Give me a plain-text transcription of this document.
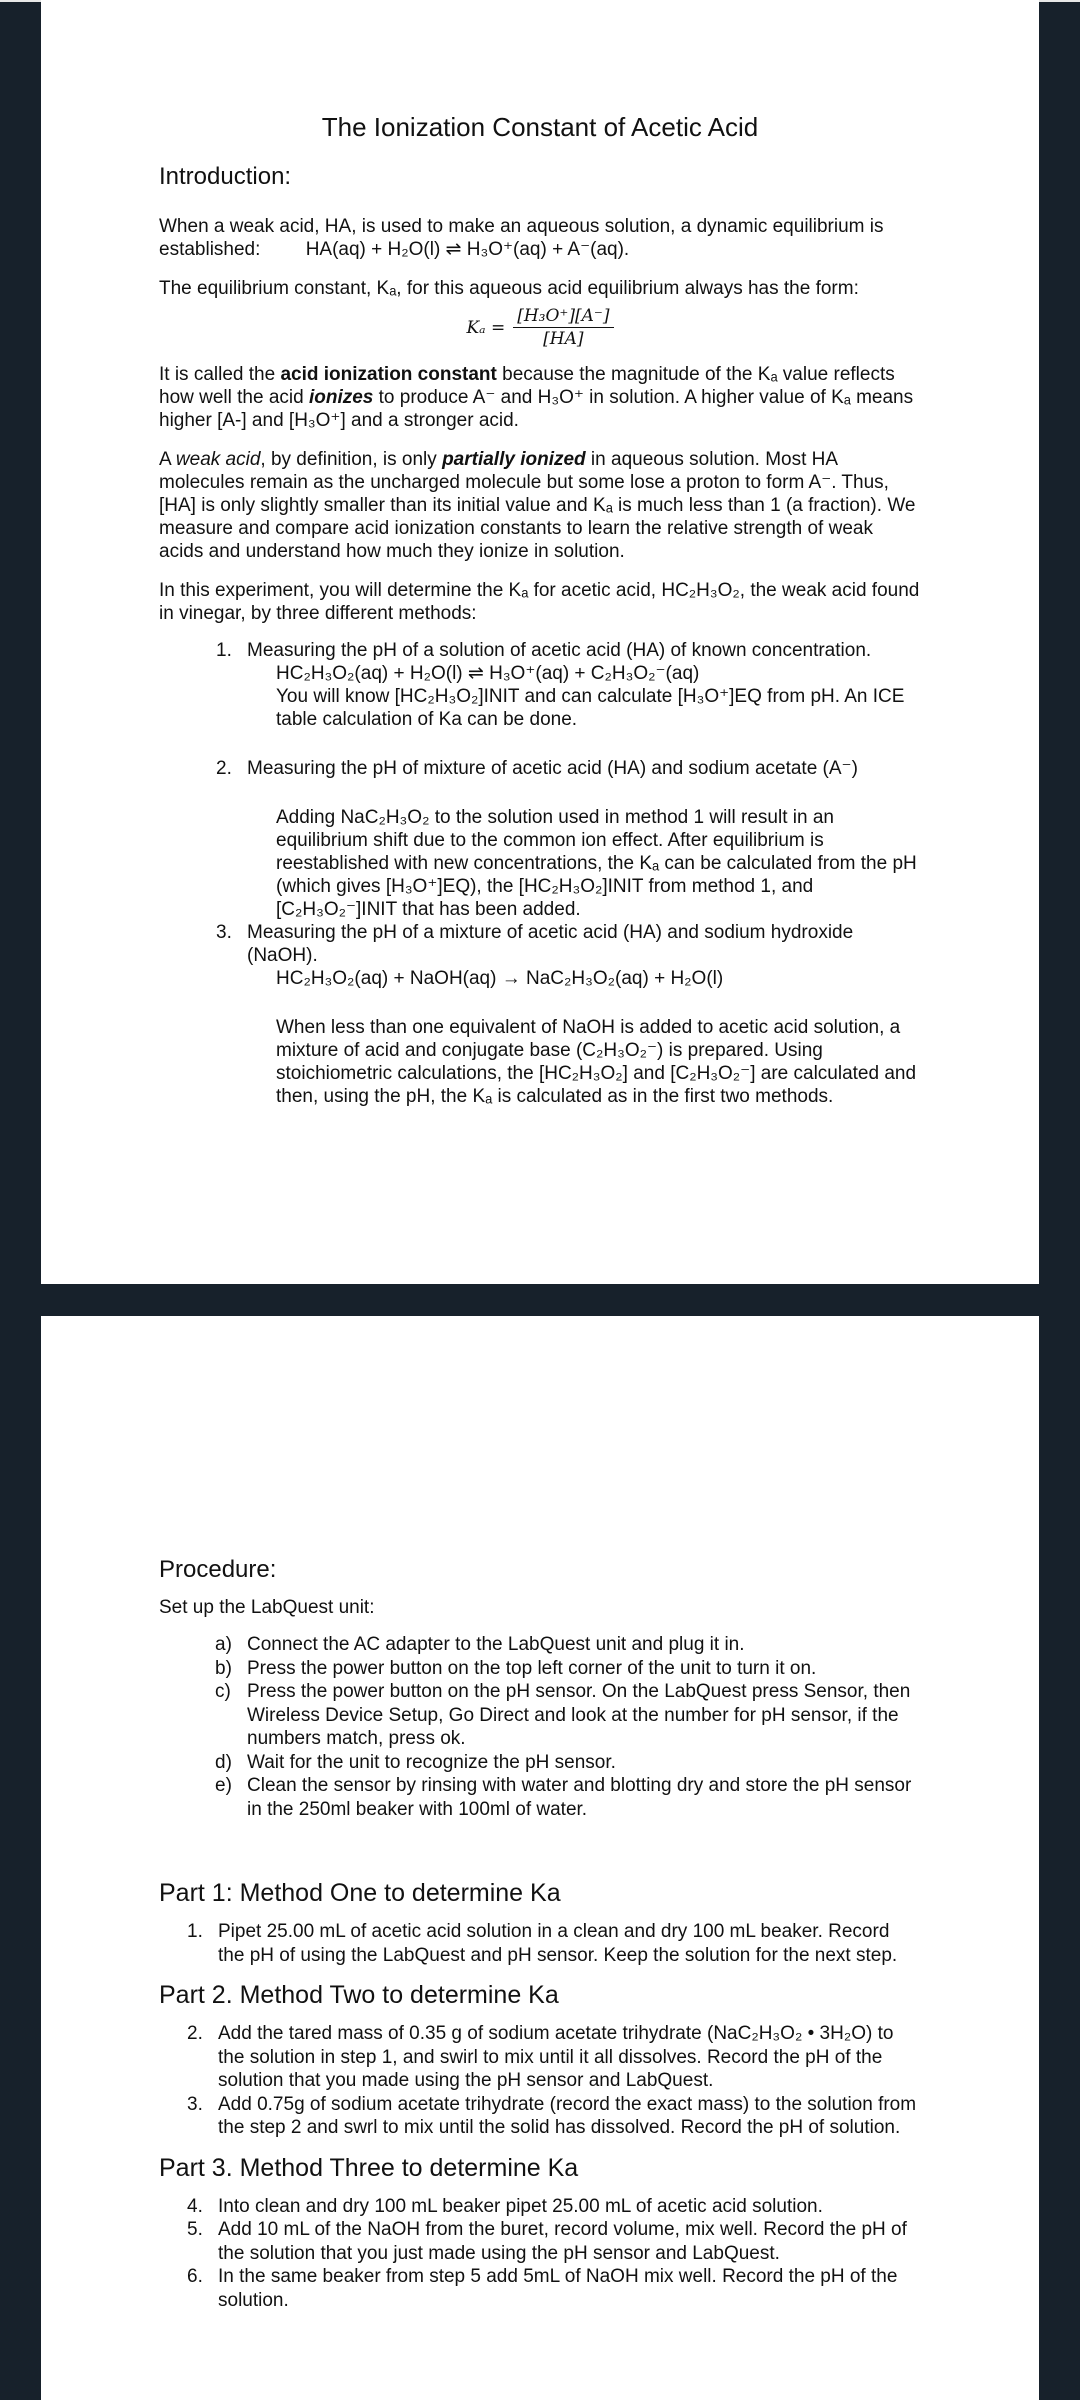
The Ionization Constant of Acetic Acid
Introduction:

When a weak acid, HA, is used to make an aqueous solution, a dynamic equilibrium is established: HA(aq) + H₂O(l) ⇌ H₃O⁺(aq) + A⁻(aq).

The equilibrium constant, Kₐ, for this aqueous acid equilibrium always has the form:

$K_a = \frac{\text{[H₃O⁺][A⁻]}}{[HA]}$

It is called the acid ionization constant because the magnitude of the Kₐ value reflects how well the acid ionizes to produce A⁻ and H₃O⁺ in solution. A higher value of Kₐ means higher [A-] and [H₃O⁺] and a stronger acid.

A weak acid, by definition, is only partially ionized in aqueous solution. Most HA molecules remain as the uncharged molecule but some lose a proton to form A⁻. Thus, [HA] is only slightly smaller than its initial value and Kₐ is much less than 1 (a fraction). We measure and compare acid ionization constants to learn the relative strength of weak acids and understand how much they ionize in solution.

In this experiment, you will determine the Kₐ for acetic acid, HC₂H₃O₂, the weak acid found in vinegar, by three different methods:

1. Measuring the pH of a solution of acetic acid (HA) of known concentration.
HC₂H₃O₂(aq) + H₂O(l) ⇌ H₃O⁺(aq) + C₂H₃O₂⁻(aq)
You will know [HC₂H₃O₂]INIT and can calculate [H₃O⁺]EQ from pH. An ICE table calculation of Ka can be done.
2. Measuring the pH of mixture of acetic acid (HA) and sodium acetate (A⁻)
Adding NaC₂H₃O₂ to the solution used in method 1 will result in an equilibrium shift due to the common ion effect. After equilibrium is reestablished with new concentrations, the Kₐ can be calculated from the pH (which gives [H₃O⁺]EQ), the [HC₂H₃O₂]INIT from method 1, and [C₂H₃O₂⁻]INIT that has been added.
3. Measuring the pH of a mixture of acetic acid (HA) and sodium hydroxide (NaOH).
HC₂H₃O₂(aq) + NaOH(aq) → NaC₂H₃O₂(aq) + H₂O(l)
When less than one equivalent of NaOH is added to acetic acid solution, a mixture of acid and conjugate base (C₂H₃O₂⁻) is prepared. Using stoichiometric calculations, the [HC₂H₃O₂] and [C₂H₃O₂⁻] are calculated and then, using the pH, the Kₐ is calculated as in the first two methods.
Procedure:

Set up the LabQuest unit:

a) Connect the AC adapter to the LabQuest unit and plug it in.
b) Press the power button on the top left corner of the unit to turn it on.
c) Press the power button on the pH sensor. On the LabQuest press Sensor, then Wireless Device Setup, Go Direct and look at the number for pH sensor, if the numbers match, press ok.
d) Wait for the unit to recognize the pH sensor.
e) Clean the sensor by rinsing with water and blotting dry and store the pH sensor in the 250ml beaker with 100ml of water.
Part 1: Method One to determine Ka
1. Pipet 25.00 mL of acetic acid solution in a clean and dry 100 mL beaker. Record the pH of using the LabQuest and pH sensor. Keep the solution for the next step.
Part 2. Method Two to determine Ka
2. Add the tared mass of 0.35 g of sodium acetate trihydrate (NaC₂H₃O₂ • 3H₂O) to the solution in step 1, and swirl to mix until it all dissolves. Record the pH of the solution that you made using the pH sensor and LabQuest.
3. Add 0.75g of sodium acetate trihydrate (record the exact mass) to the solution from the step 2 and swrl to mix until the solid has dissolved. Record the pH of solution.
Part 3. Method Three to determine Ka
4. Into clean and dry 100 mL beaker pipet 25.00 mL of acetic acid solution.
5. Add 10 mL of the NaOH from the buret, record volume, mix well. Record the pH of the solution that you just made using the pH sensor and LabQuest.
6. In the same beaker from step 5 add 5mL of NaOH mix well. Record the pH of the solution.
